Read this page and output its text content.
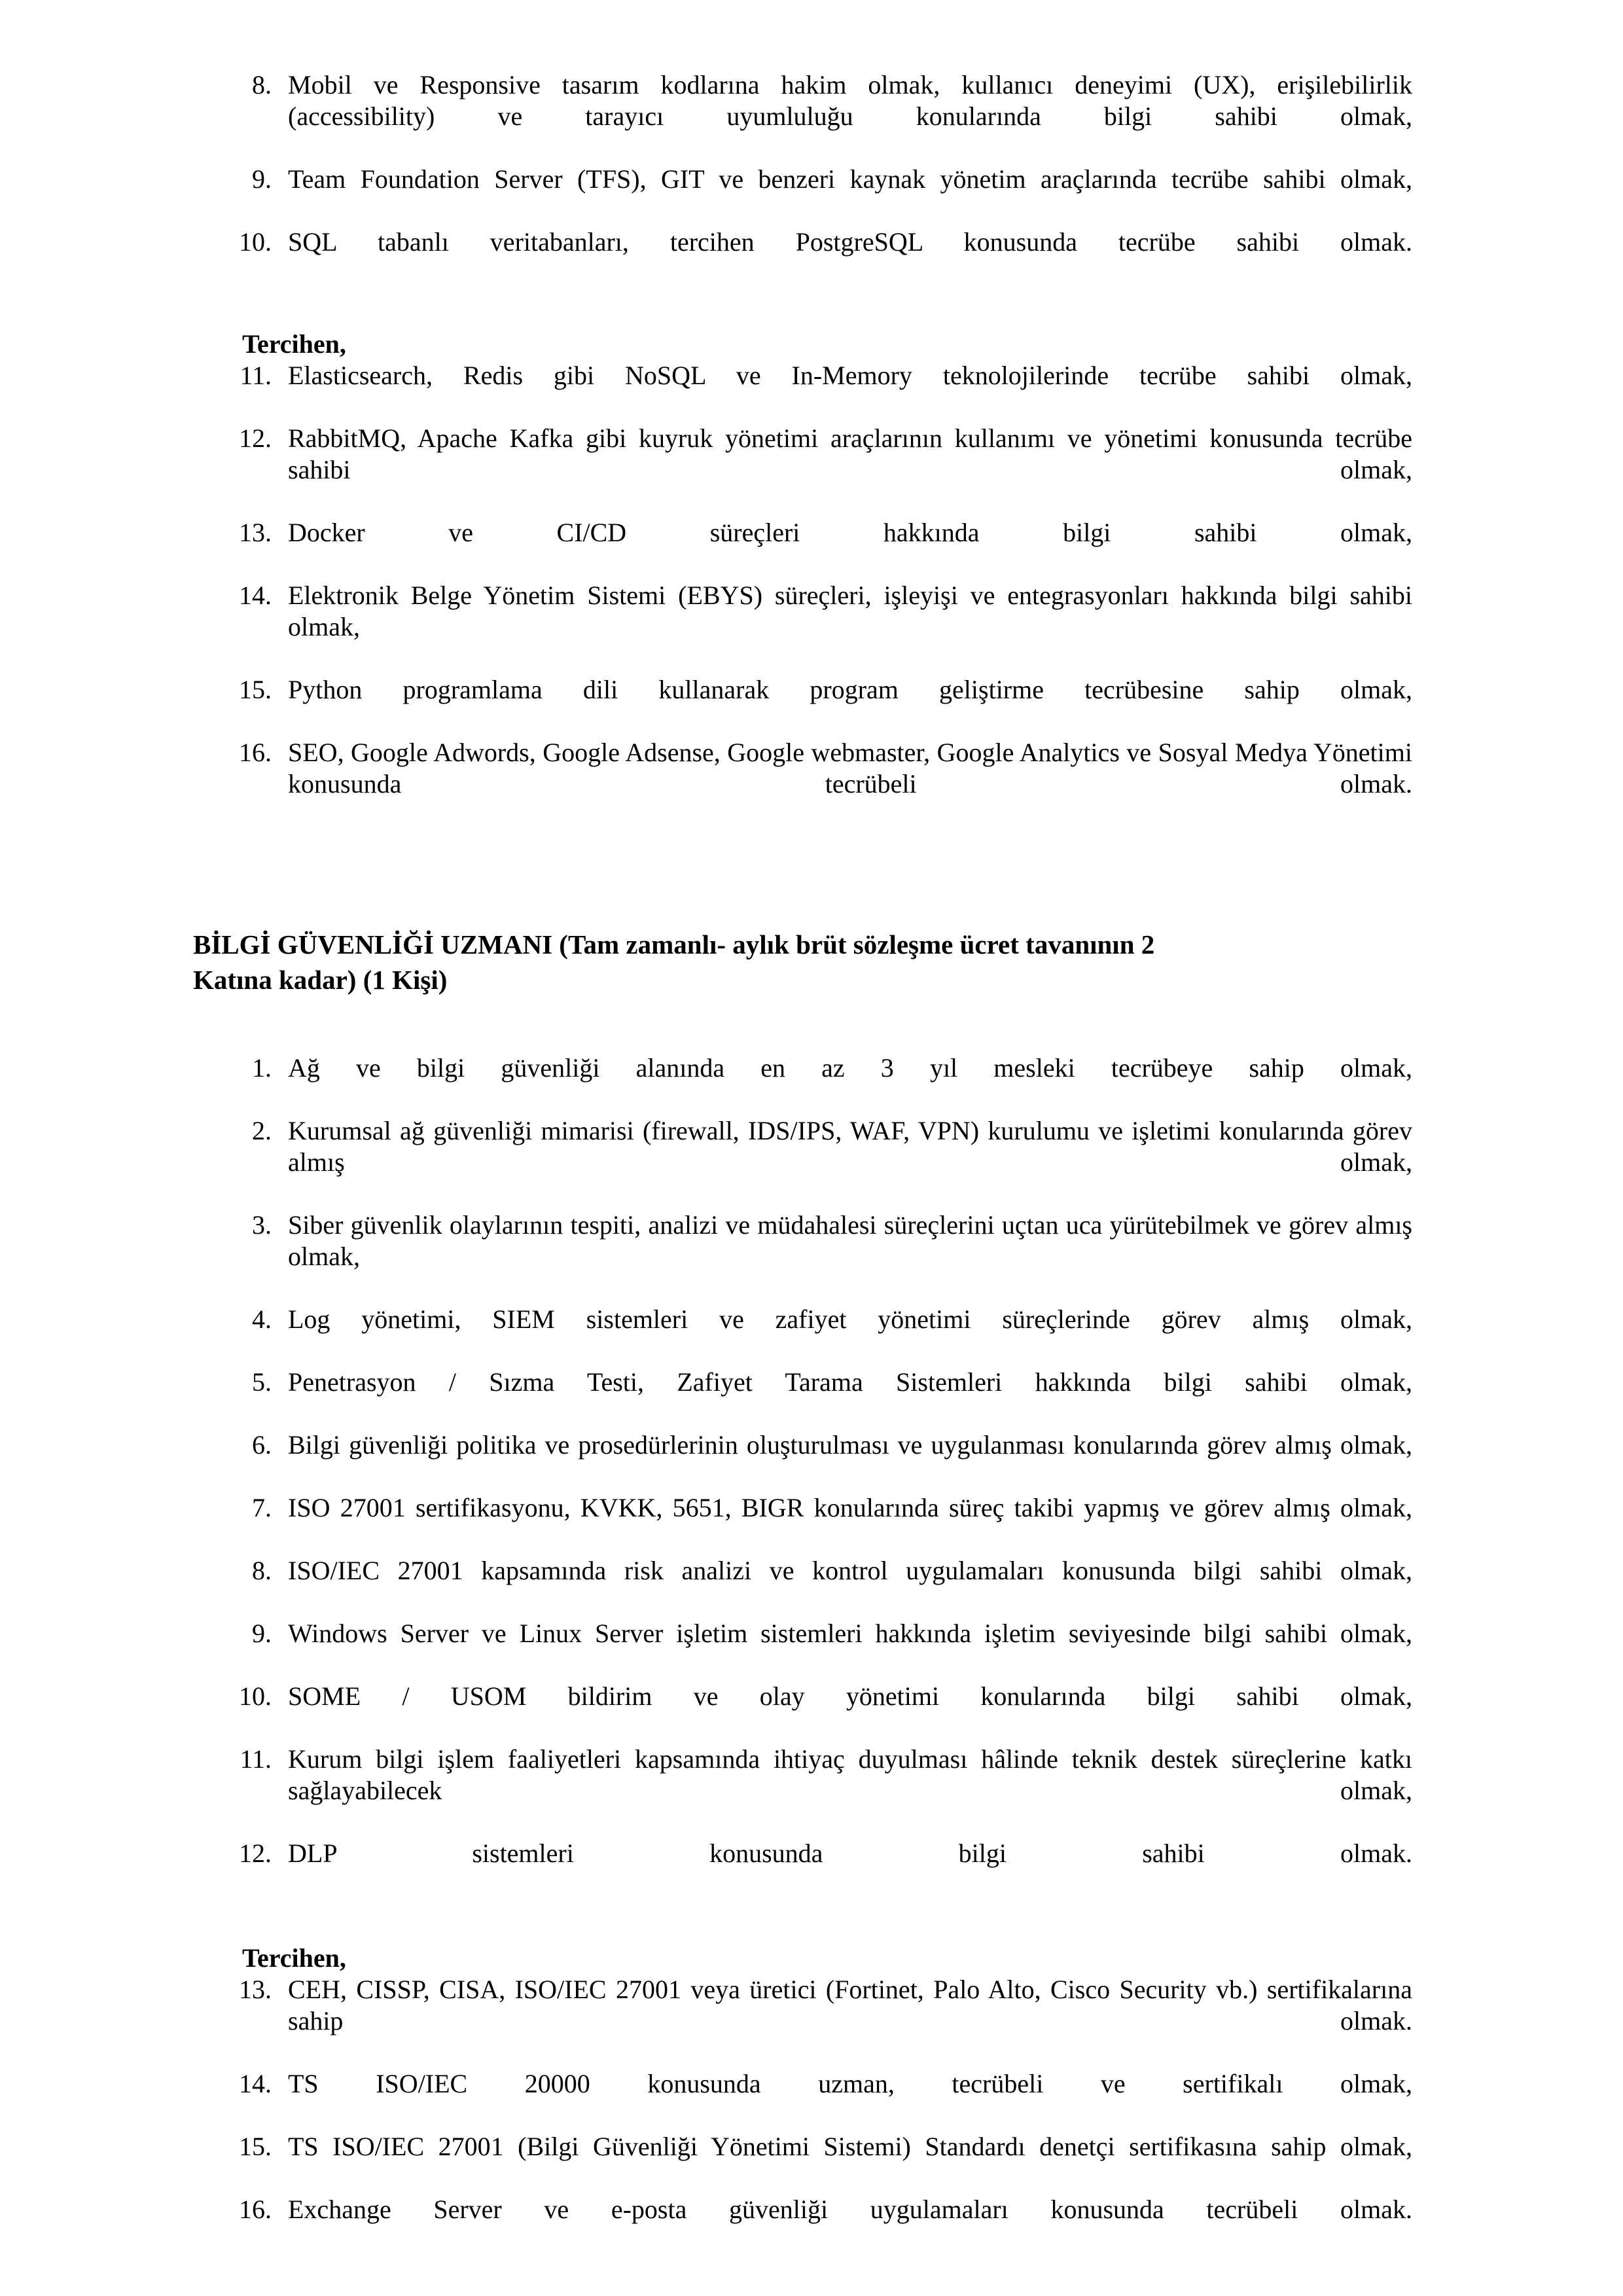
8. Mobil ve Responsive tasarım kodlarına hakim olmak, kullanıcı deneyimi (UX), erişilebilirlik (accessibility) ve tarayıcı uyumluluğu konularında bilgi sahibi olmak,
9. Team Foundation Server (TFS), GIT ve benzeri kaynak yönetim araçlarında tecrübe sahibi olmak,
10. SQL tabanlı veritabanları, tercihen PostgreSQL konusunda tecrübe sahibi olmak.

Tercihen,

11. Elasticsearch, Redis gibi NoSQL ve In-Memory teknolojilerinde tecrübe sahibi olmak,
12. RabbitMQ, Apache Kafka gibi kuyruk yönetimi araçlarının kullanımı ve yönetimi konusunda tecrübe sahibi olmak,
13. Docker ve CI/CD süreçleri hakkında bilgi sahibi olmak,
14. Elektronik Belge Yönetim Sistemi (EBYS) süreçleri, işleyişi ve entegrasyonları hakkında bilgi sahibi olmak,
15. Python programlama dili kullanarak program geliştirme tecrübesine sahip olmak,
16. SEO, Google Adwords, Google Adsense, Google webmaster, Google Analytics ve Sosyal Medya Yönetimi konusunda tecrübeli olmak.

BİLGİ GÜVENLİĞİ UZMANI (Tam zamanlı- aylık brüt sözleşme ücret tavanının 2
Katına kadar) (1 Kişi)

1. Ağ ve bilgi güvenliği alanında en az 3 yıl mesleki tecrübeye sahip olmak,
2. Kurumsal ağ güvenliği mimarisi (firewall, IDS/IPS, WAF, VPN) kurulumu ve işletimi konularında görev almış olmak,
3. Siber güvenlik olaylarının tespiti, analizi ve müdahalesi süreçlerini uçtan uca yürütebilmek ve görev almış olmak,
4. Log yönetimi, SIEM sistemleri ve zafiyet yönetimi süreçlerinde görev almış olmak,
5. Penetrasyon / Sızma Testi, Zafiyet Tarama Sistemleri hakkında bilgi sahibi olmak,
6. Bilgi güvenliği politika ve prosedürlerinin oluşturulması ve uygulanması konularında görev almış olmak,
7. ISO 27001 sertifikasyonu, KVKK, 5651, BIGR konularında süreç takibi yapmış ve görev almış olmak,
8. ISO/IEC 27001 kapsamında risk analizi ve kontrol uygulamaları konusunda bilgi sahibi olmak,
9. Windows Server ve Linux Server işletim sistemleri hakkında işletim seviyesinde bilgi sahibi olmak,
10. SOME / USOM bildirim ve olay yönetimi konularında bilgi sahibi olmak,
11. Kurum bilgi işlem faaliyetleri kapsamında ihtiyaç duyulması hâlinde teknik destek süreçlerine katkı sağlayabilecek olmak,
12. DLP sistemleri konusunda bilgi sahibi olmak.

Tercihen,

13. CEH, CISSP, CISA, ISO/IEC 27001 veya üretici (Fortinet, Palo Alto, Cisco Security vb.) sertifikalarına sahip olmak.
14. TS ISO/IEC 20000 konusunda uzman, tecrübeli ve sertifikalı olmak,
15. TS ISO/IEC 27001 (Bilgi Güvenliği Yönetimi Sistemi) Standardı denetçi sertifikasına sahip olmak,
16. Exchange Server ve e-posta güvenliği uygulamaları konusunda tecrübeli olmak.
